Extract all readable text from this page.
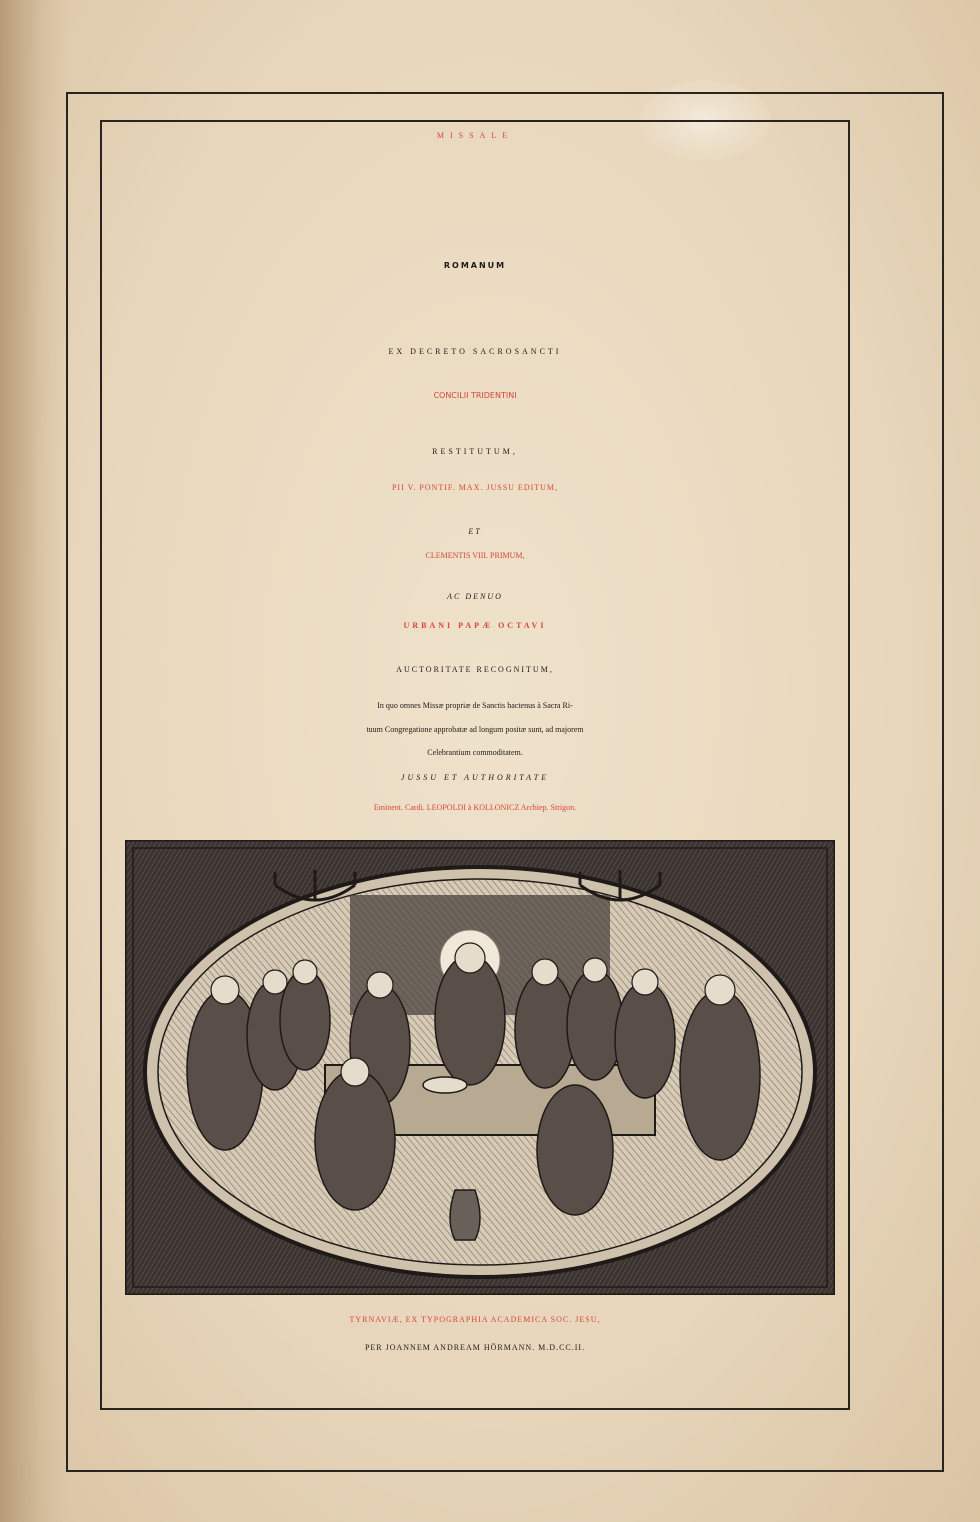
MISSALE
ROMANUM
EX DECRETO SACROSANCTI
CONCILII TRIDENTINI
RESTITUTUM,
PII V. PONTIF. MAX. JUSSU EDITUM,
ET
CLEMENTIS VIII. PRIMUM,
AC DENUO
URBANI PAPÆ OCTAVI
AUCTORITATE RECOGNITUM,
In quo omnes Missæ propriæ de Sanctis hactenus à Sacra Ri-
tuum Congregatione approbatæ ad longum positæ sunt, ad majorem
Celebrantium commoditatem.
JUSSU ET AUTHORITATE
Eminent. Cardi. LEOPOLDI à KOLLONICZ Archiep. Strigon.
TYRNAVIÆ, EX TYPOGRAPHIA ACADEMICA SOC. JESU,
PER JOANNEM ANDREAM HÖRMANN. M.D.CC.II.
